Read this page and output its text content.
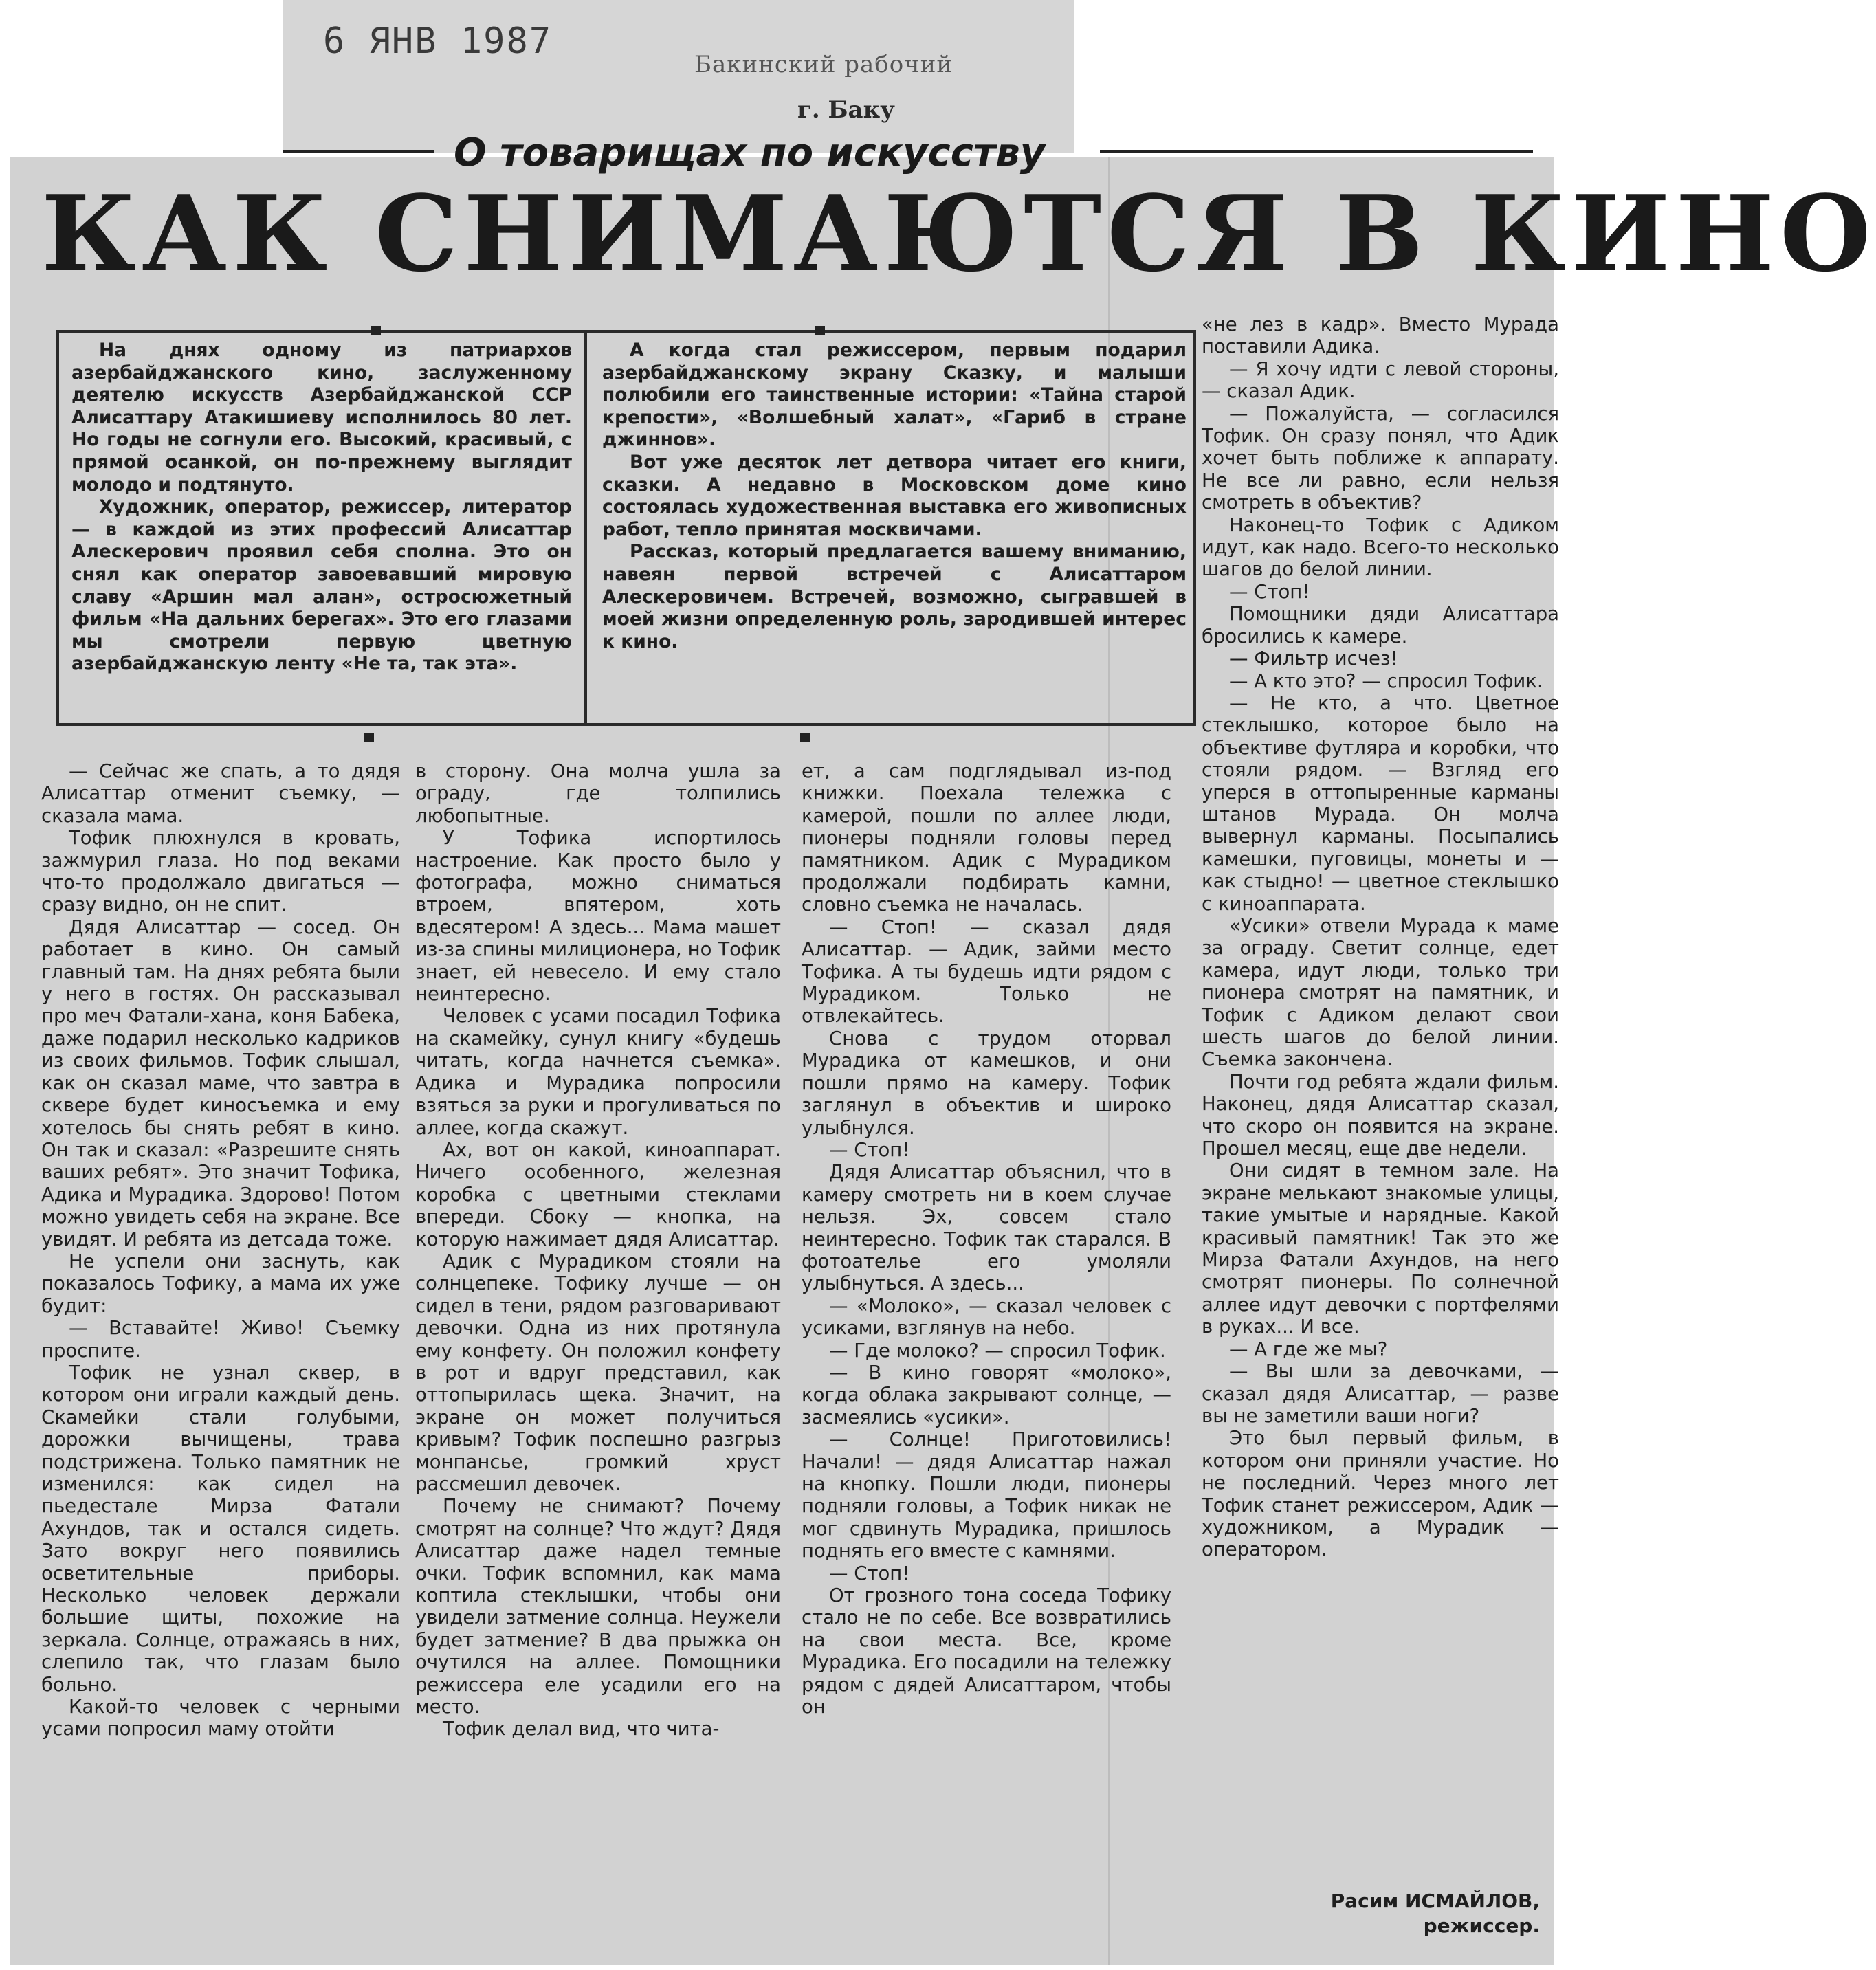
6 ЯНВ 1987
Бакинский рабочий
г. Баку
О товарищах по искусству
КАК СНИМАЮТСЯ В КИНО

На днях одному из патриархов азербайджанского кино, заслуженному деятелю искусств Азербайджанской ССР Алисаттару Атакишиеву исполнилось 80 лет. Но годы не согнули его. Высокий, красивый, с прямой осанкой, он по-прежнему выглядит молодо и подтянуто.

Художник, оператор, режиссер, литератор — в каждой из этих профессий Алисаттар Алескерович проявил себя сполна. Это он снял как оператор завоевавший мировую славу «Аршин мал алан», остросюжетный фильм «На дальних берегах». Это его глазами мы смотрели первую цветную азербайджанскую ленту «Не та, так эта».

А когда стал режиссером, первым подарил азербайджанскому экрану Сказку, и малыши полюбили его таинственные истории: «Тайна старой крепости», «Волшебный халат», «Гариб в стране джиннов».

Вот уже десяток лет детвора читает его книги, сказки. А недавно в Московском доме кино состоялась художественная выставка его живописных работ, тепло принятая москвичами.

Рассказ, который предлагается вашему вниманию, навеян первой встречей с Алисаттаром Алескеровичем. Встречей, возможно, сыгравшей в моей жизни определенную роль, зародившей интерес к кино.

— Сейчас же спать, а то дядя Алисаттар отменит съемку, — сказала мама.

Тофик плюхнулся в кровать, зажмурил глаза. Но под веками что-то продолжало двигаться — сразу видно, он не спит.

Дядя Алисаттар — сосед. Он работает в кино. Он самый главный там. На днях ребята были у него в гостях. Он рассказывал про меч Фатали-хана, коня Бабека, даже подарил несколько кадриков из своих фильмов. Тофик слышал, как он сказал маме, что завтра в сквере будет киносъемка и ему хотелось бы снять ребят в кино. Он так и сказал: «Разрешите снять ваших ребят». Это значит Тофика, Адика и Мурадика. Здорово! Потом можно увидеть себя на экране. Все увидят. И ребята из детсада тоже.

Не успели они заснуть, как показалось Тофику, а мама их уже будит:

— Вставайте! Живо! Съемку проспите.

Тофик не узнал сквер, в котором они играли каждый день. Скамейки стали голубыми, дорожки вычищены, трава подстрижена. Только памятник не изменился: как сидел на пьедестале Мирза Фатали Ахундов, так и остался сидеть. Зато вокруг него появились осветительные приборы. Несколько человек держали большие щиты, похожие на зеркала. Солнце, отражаясь в них, слепило так, что глазам было больно.

Какой-то человек с черными усами попросил маму отойти

в сторону. Она молча ушла за ограду, где толпились любопытные.

У Тофика испортилось настроение. Как просто было у фотографа, можно сниматься втроем, впятером, хоть вдесятером! А здесь... Мама машет из-за спины милиционера, но Тофик знает, ей невесело. И ему стало неинтересно.

Человек с усами посадил Тофика на скамейку, сунул книгу «будешь читать, когда начнется съемка». Адика и Мурадика попросили взяться за руки и прогуливаться по аллее, когда скажут.

Ах, вот он какой, киноаппарат. Ничего особенного, железная коробка с цветными стеклами впереди. Сбоку — кнопка, на которую нажимает дядя Алисаттар.

Адик с Мурадиком стояли на солнцепеке. Тофику лучше — он сидел в тени, рядом разговаривают девочки. Одна из них протянула ему конфету. Он положил конфету в рот и вдруг представил, как оттопырилась щека. Значит, на экране он может получиться кривым? Тофик поспешно разгрыз монпансье, громкий хруст рассмешил девочек.

Почему не снимают? Почему смотрят на солнце? Что ждут? Дядя Алисаттар даже надел темные очки. Тофик вспомнил, как мама коптила стеклышки, чтобы они увидели затмение солнца. Неужели будет затмение? В два прыжка он очутился на аллее. Помощники режиссера еле усадили его на место.

Тофик делал вид, что чита-

ет, а сам подглядывал из-под книжки. Поехала тележка с камерой, пошли по аллее люди, пионеры подняли головы перед памятником. Адик с Мурадиком продолжали подбирать камни, словно съемка не началась.

— Стоп! — сказал дядя Алисаттар. — Адик, займи место Тофика. А ты будешь идти рядом с Мурадиком. Только не отвлекайтесь.

Снова с трудом оторвал Мурадика от камешков, и они пошли прямо на камеру. Тофик заглянул в объектив и широко улыбнулся.

— Стоп!

Дядя Алисаттар объяснил, что в камеру смотреть ни в коем случае нельзя. Эх, совсем стало неинтересно. Тофик так старался. В фотоателье его умоляли улыбнуться. А здесь...

— «Молоко», — сказал человек с усиками, взглянув на небо.

— Где молоко? — спросил Тофик.

— В кино говорят «молоко», когда облака закрывают солнце, — засмеялись «усики».

— Солнце! Приготовились! Начали! — дядя Алисаттар нажал на кнопку. Пошли люди, пионеры подняли головы, а Тофик никак не мог сдвинуть Мурадика, пришлось поднять его вместе с камнями.

— Стоп!

От грозного тона соседа Тофику стало не по себе. Все возвратились на свои места. Все, кроме Мурадика. Его посадили на тележку рядом с дядей Алисаттаром, чтобы он

«не лез в кадр». Вместо Мурада поставили Адика.

— Я хочу идти с левой стороны, — сказал Адик.

— Пожалуйста, — согласился Тофик. Он сразу понял, что Адик хочет быть поближе к аппарату. Не все ли равно, если нельзя смотреть в объектив?

Наконец-то Тофик с Адиком идут, как надо. Всего-то несколько шагов до белой линии.

— Стоп!

Помощники дяди Алисаттара бросились к камере.

— Фильтр исчез!

— А кто это? — спросил Тофик.

— Не кто, а что. Цветное стеклышко, которое было на объективе футляра и коробки, что стояли рядом. — Взгляд его уперся в оттопыренные карманы штанов Мурада. Он молча вывернул карманы. Посыпались камешки, пуговицы, монеты и — как стыдно! — цветное стеклышко с киноаппарата.

«Усики» отвели Мурада к маме за ограду. Светит солнце, едет камера, идут люди, только три пионера смотрят на памятник, и Тофик с Адиком делают свои шесть шагов до белой линии. Съемка закончена.

Почти год ребята ждали фильм. Наконец, дядя Алисаттар сказал, что скоро он появится на экране. Прошел месяц, еще две недели.

Они сидят в темном зале. На экране мелькают знакомые улицы, такие умытые и нарядные. Какой красивый памятник! Так это же Мирза Фатали Ахундов, на него смотрят пионеры. По солнечной аллее идут девочки с портфелями в руках... И все.

— А где же мы?

— Вы шли за девочками, — сказал дядя Алисаттар, — разве вы не заметили ваши ноги?

Это был первый фильм, в котором они приняли участие. Но не последний. Через много лет Тофик станет режиссером, Адик — художником, а Мурадик — оператором.

Расим ИСМАЙЛОВ,
режиссер.
